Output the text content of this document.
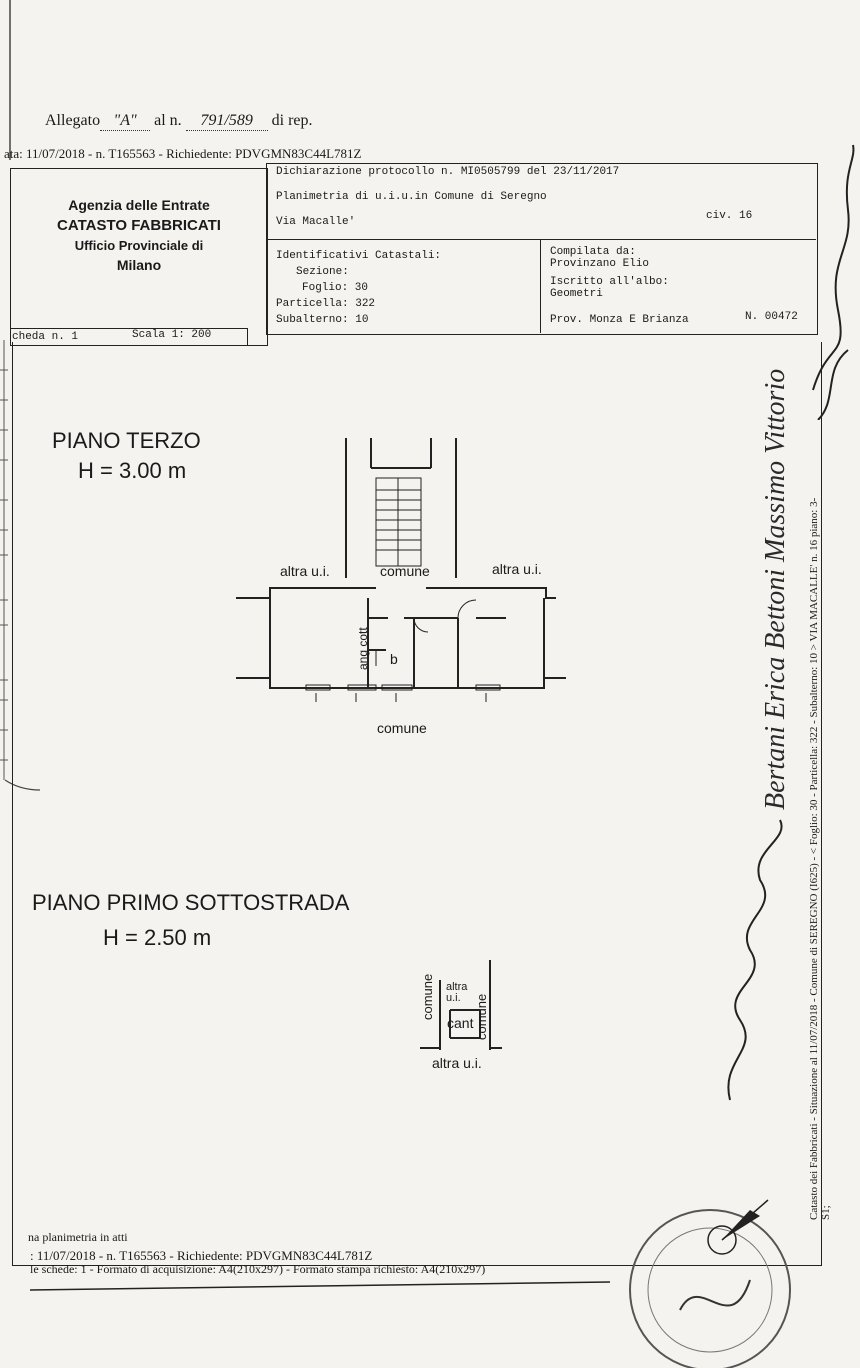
Allegato "A" al n. 791/589 di rep.
ata: 11/07/2018 - n. T165563 - Richiedente: PDVGMN83C44L781Z
Agenzia delle Entrate
CATASTO FABBRICATI
Ufficio Provinciale di
Milano
Dichiarazione protocollo n. MI0505799 del 23/11/2017
Planimetria di u.i.u.in Comune di Seregno
Via Macalle'	civ. 16
Identificativi Catastali:
Sezione:
Foglio: 30
Particella: 322
Subalterno: 10
Compilata da:
Provinzano Elio
Iscritto all'albo:
Geometri
Prov. Monza E Brianza	N. 00472
cheda n. 1	Scala 1: 200
PIANO TERZO
H = 3.00 m
altra u.i.	comune	altra u.i.
ang cott b
comune
PIANO PRIMO SOTTOSTRADA
H = 2.50 m
comune altra u.i.
cant comune
altra u.i.	Catasto dei Fabbricati - Situazione al 11/07/2018 - Comune di SEREGNO (I625) - < Foglio: 30 - Particella: 322 - Subalterno: 10 > VIA MACALLE' n. 16 piano: 3-S1;
Bertani Erica Bettoni Massimo Vittorio
na planimetria in atti
: 11/07/2018 - n. T165563 - Richiedente: PDVGMN83C44L781Z
le schede: 1 - Formato di acquisizione: A4(210x297) - Formato stampa richiesto: A4(210x297)
